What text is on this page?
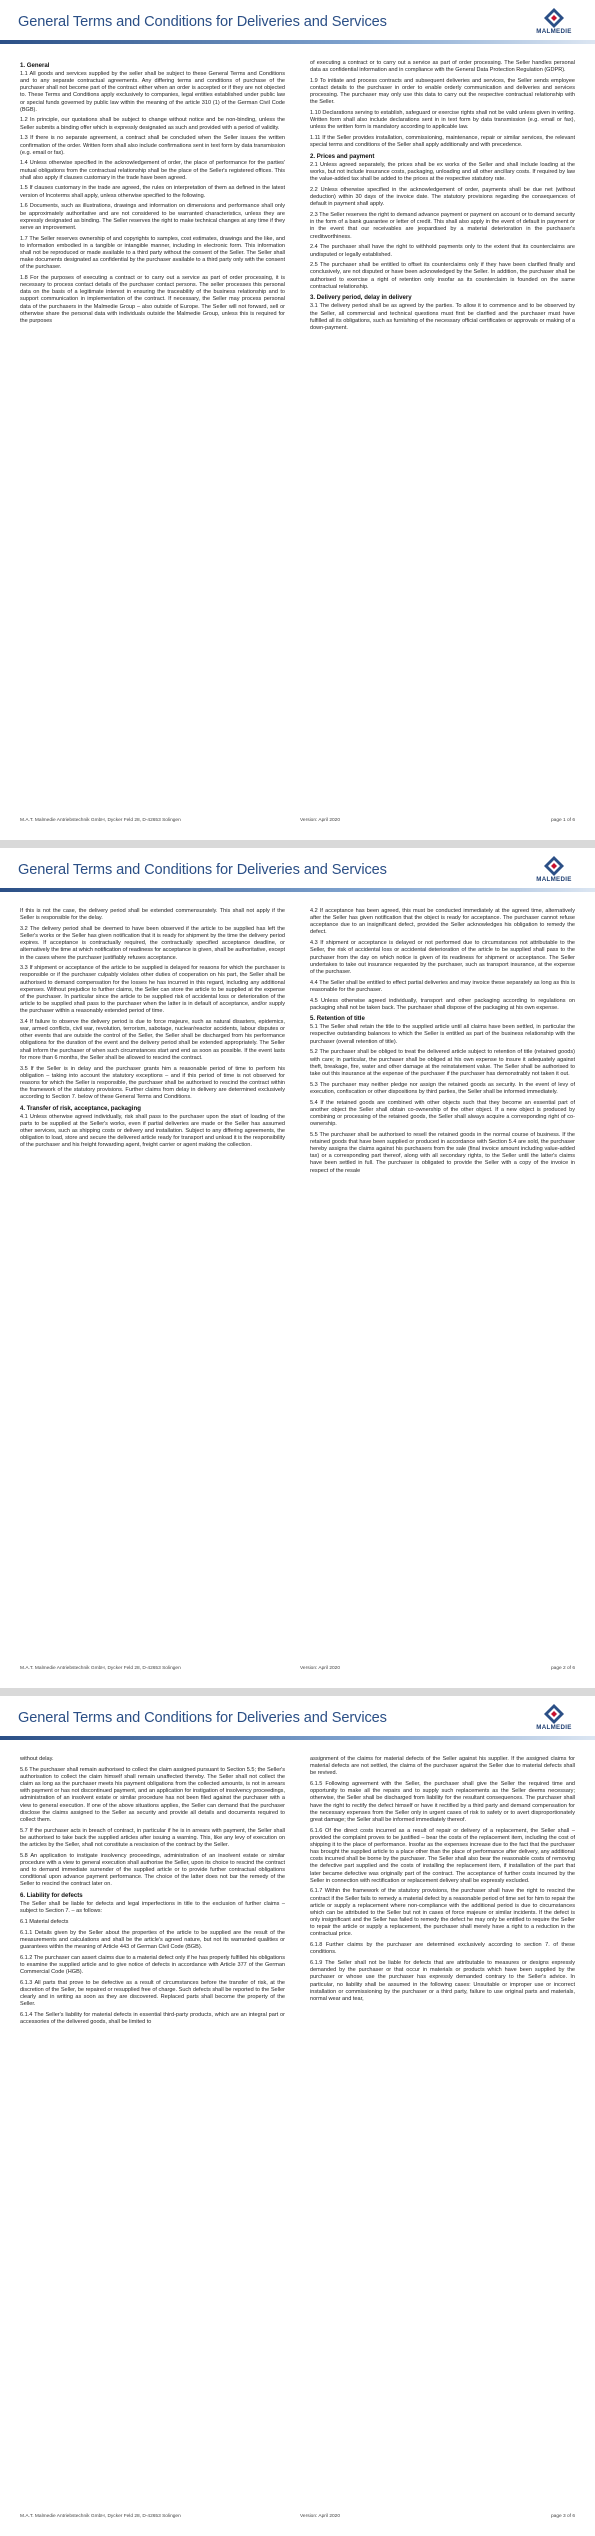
General Terms and Conditions for Deliveries and Services
MALMEDIE
1. General

1.1 All goods and services supplied by the seller shall be subject to these General Terms and Conditions and to any separate contractual agreements. Any differing terms and conditions of purchase of the purchaser shall not become part of the contract either when an order is accepted or if they are not objected to. These Terms and Conditions apply exclusively to companies, legal entities established under public law or special funds governed by public law within the meaning of the article 310 (1) of the German Civil Code (BGB).

1.2 In principle, our quotations shall be subject to change without notice and be non-binding, unless the Seller submits a binding offer which is expressly designated as such and provided with a period of validity.

1.3 If there is no separate agreement, a contract shall be concluded when the Seller issues the written confirmation of the order. Written form shall also include confirmations sent in text form by data transmission (e.g. email or fax).

1.4 Unless otherwise specified in the acknowledgement of order, the place of performance for the parties' mutual obligations from the contractual relationship shall be the place of the Seller's registered offices. This shall also apply if clauses customary in the trade have been agreed.

1.5 If clauses customary in the trade are agreed, the rules on interpretation of them as defined in the latest version of Incoterms shall apply, unless otherwise specified to the following.

1.6 Documents, such as illustrations, drawings and information on dimensions and performance shall only be approximately authoritative and are not considered to be warranted characteristics, unless they are expressly designated as binding. The Seller reserves the right to make technical changes at any time if they serve an improvement.

1.7 The Seller reserves ownership of and copyrights to samples, cost estimates, drawings and the like, and to information embodied in a tangible or intangible manner, including in electronic form. This information shall not be reproduced or made available to a third party without the consent of the Seller. The Seller shall make documents designated as confidential by the purchaser available to a third party only with the consent of the purchaser.

1.8 For the purposes of executing a contract or to carry out a service as part of order processing, it is necessary to process contact details of the purchaser contact persons. The seller processes this personal data on the basis of a legitimate interest in ensuring the traceability of the business relationship and to support communication in implementation of the contract. If necessary, the Seller may process personal data of the purchasers in the Malmedie Group – also outside of Europe. The Seller will not forward, sell or otherwise share the personal data with individuals outside the Malmedie Group, unless this is required for the purposes

of executing a contract or to carry out a service as part of order processing. The Seller handles personal data as confidential information and in compliance with the General Data Protection Regulation (GDPR).

1.9 To initiate and process contracts and subsequent deliveries and services, the Seller sends employee contact details to the purchaser in order to enable orderly communication and deliveries and services processing. The purchaser may only use this data to carry out the respective contractual relationship with the Seller.

1.10 Declarations serving to establish, safeguard or exercise rights shall not be valid unless given in writing. Written form shall also include declarations sent in in text form by data transmission (e.g. email or fax), unless the written form is mandatory according to applicable law.

1.11 If the Seller provides installation, commissioning, maintenance, repair or similar services, the relevant special terms and conditions of the Seller shall apply additionally and with precedence.

2. Prices and payment

2.1 Unless agreed separately, the prices shall be ex works of the Seller and shall include loading at the works, but not include insurance costs, packaging, unloading and all other ancillary costs. If required by law the value-added tax shall be added to the prices at the respective statutory rate.

2.2 Unless otherwise specified in the acknowledgement of order, payments shall be due net (without deduction) within 30 days of the invoice date. The statutory provisions regarding the consequences of default in payment shall apply.

2.3 The Seller reserves the right to demand advance payment or payment on account or to demand security in the form of a bank guarantee or letter of credit. This shall also apply in the event of default in payment or in the event that our receivables are jeopardised by a material deterioration in the purchaser's creditworthiness.

2.4 The purchaser shall have the right to withhold payments only to the extent that its counterclaims are undisputed or legally established.

2.5 The purchaser shall be entitled to offset its counterclaims only if they have been clarified finally and conclusively, are not disputed or have been acknowledged by the Seller. In addition, the purchaser shall be authorised to exercise a right of retention only insofar as its counterclaim is founded on the same contractual relationship.

3. Delivery period, delay in delivery

3.1 The delivery period shall be as agreed by the parties. To allow it to commence and to be observed by the Seller, all commercial and technical questions must first be clarified and the purchaser must have fulfilled all its obligations, such as furnishing of the necessary official certificates or approvals or making of a down-payment.

M.A.T. Malmedie Antriebstechnik GmbH, Dycker Feld 28, D-42653 Solingen	Version: April 2020	page 1 of 6
General Terms and Conditions for Deliveries and Services
MALMEDIE

If this is not the case, the delivery period shall be extended commensurately. This shall not apply if the Seller is responsible for the delay.

3.2 The delivery period shall be deemed to have been observed if the article to be supplied has left the Seller's works or the Seller has given notification that it is ready for shipment by the time the delivery period expires. If acceptance is contractually required, the contractually specified acceptance deadline, or alternatively the time at which notification of readiness for acceptance is given, shall be authoritative, except in the cases where the purchaser justifiably refuses acceptance.

3.3 If shipment or acceptance of the article to be supplied is delayed for reasons for which the purchaser is responsible or if the purchaser culpably violates other duties of cooperation on his part, the Seller shall be authorised to demand compensation for the losses he has incurred in this regard, including any additional expenses. Without prejudice to further claims, the Seller can store the article to be supplied at the expense of the purchaser. In particular since the article to be supplied risk of accidental loss or deterioration of the article to be supplied shall pass to the purchaser when the latter is in default of acceptance, and/or supply the purchaser within a reasonably extended period of time.

3.4 If failure to observe the delivery period is due to force majeure, such as natural disasters, epidemics, war, armed conflicts, civil war, revolution, terrorism, sabotage, nuclear/reactor accidents, labour disputes or other events that are outside the control of the Seller, the Seller shall be discharged from his performance obligations for the duration of the event and the delivery period shall be extended appropriately. The Seller shall inform the purchaser of when such circumstances start and end as soon as possible. If the event lasts for more than 6 months, the Seller shall be allowed to rescind the contract.

3.5 If the Seller is in delay and the purchaser grants him a reasonable period of time to perform his obligation – taking into account the statutory exceptions – and if this period of time is not observed for reasons for which the Seller is responsible, the purchaser shall be authorised to rescind the contract within the framework of the statutory provisions. Further claims from delay in delivery are determined exclusively according to Section 7. below of these General Terms and Conditions.

4. Transfer of risk, acceptance, packaging

4.1 Unless otherwise agreed individually, risk shall pass to the purchaser upon the start of loading of the parts to be supplied at the Seller's works, even if partial deliveries are made or the Seller has assumed other services, such as shipping costs or delivery and installation. Subject to any differing agreements, the obligation to load, store and secure the delivered article ready for transport and unload it is the responsibility of the purchaser and his freight forwarding agent, freight carrier or agent making the collection.

4.2 If acceptance has been agreed, this must be conducted immediately at the agreed time, alternatively after the Seller has given notification that the object is ready for acceptance. The purchaser cannot refuse acceptance due to an insignificant defect, provided the Seller acknowledges his obligation to remedy the defect.

4.3 If shipment or acceptance is delayed or not performed due to circumstances not attributable to the Seller, the risk of accidental loss or accidental deterioration of the article to be supplied shall pass to the purchaser from the day on which notice is given of its readiness for shipment or acceptance. The Seller undertakes to take out insurance requested by the purchaser, such as transport insurance, at the expense of the purchaser.

4.4 The Seller shall be entitled to effect partial deliveries and may invoice these separately as long as this is reasonable for the purchaser.

4.5 Unless otherwise agreed individually, transport and other packaging according to regulations on packaging shall not be taken back. The purchaser shall dispose of the packaging at his own expense.

5. Retention of title

5.1 The Seller shall retain the title to the supplied article until all claims have been settled, in particular the respective outstanding balances to which the Seller is entitled as part of the business relationship with the purchaser (overall retention of title).

5.2 The purchaser shall be obliged to treat the delivered article subject to retention of title (retained goods) with care; in particular, the purchaser shall be obliged at his own expense to insure it adequately against theft, breakage, fire, water and other damage at the reinstatement value. The Seller shall be authorised to take out this insurance at the expense of the purchaser if the purchaser has demonstrably not taken it out.

5.3 The purchaser may neither pledge nor assign the retained goods as security. In the event of levy of execution, confiscation or other dispositions by third parties, the Seller shall be informed immediately.

5.4 If the retained goods are combined with other objects such that they become an essential part of another object the Seller shall obtain co-ownership of the other object. If a new object is produced by combining or processing of the retained goods, the Seller shall always acquire a corresponding right of co-ownership.

5.5 The purchaser shall be authorised to resell the retained goods in the normal course of business. If the retained goods that have been supplied or produced in accordance with Section 5.4 are sold, the purchaser hereby assigns the claims against his purchasers from the sale (final invoice amount including value-added tax) or a corresponding part thereof, along with all secondary rights, to the Seller until the latter's claims have been settled in full. The purchaser is obligated to provide the Seller with a copy of the invoice in respect of the resale

M.A.T. Malmedie Antriebstechnik GmbH, Dycker Feld 28, D-42653 Solingen	Version: April 2020	page 2 of 6
General Terms and Conditions for Deliveries and Services
MALMEDIE

without delay.

5.6 The purchaser shall remain authorised to collect the claim assigned pursuant to Section 5.5; the Seller's authorisation to collect the claim himself shall remain unaffected thereby. The Seller shall not collect the claim as long as the purchaser meets his payment obligations from the collected amounts, is not in arrears with payment or has not discontinued payment, and an application for instigation of insolvency proceedings, administration of an insolvent estate or similar procedure has not been filed against the purchaser with a view to general execution. If one of the above situations applies, the Seller can demand that the purchaser disclose the claims assigned to the Seller as security and provide all details and documents required to collect them.

5.7 If the purchaser acts in breach of contract, in particular if he is in arrears with payment, the Seller shall be authorised to take back the supplied articles after issuing a warning. This, like any levy of execution on the articles by the Seller, shall not constitute a rescission of the contract by the Seller.

5.8 An application to instigate insolvency proceedings, administration of an insolvent estate or similar procedure with a view to general execution shall authorise the Seller, upon its choice to rescind the contract and to demand immediate surrender of the supplied article or to provide further contractual obligations conditional upon advance payment performance. The choice of the latter does not bar the remedy of the Seller to rescind the contract later on.

6. Liability for defects

The Seller shall be liable for defects and legal imperfections in title to the exclusion of further claims – subject to Section 7. – as follows:

6.1 Material defects

6.1.1 Details given by the Seller about the properties of the article to be supplied are the result of the measurements and calculations and shall be the article's agreed nature, but not its warranted qualities or guarantees within the meaning of Article 443 of German Civil Code (BGB).

6.1.2 The purchaser can assert claims due to a material defect only if he has properly fulfilled his obligations to examine the supplied article and to give notice of defects in accordance with Article 377 of the German Commercial Code (HGB).

6.1.3 All parts that prove to be defective as a result of circumstances before the transfer of risk, at the discretion of the Seller, be repaired or resupplied free of charge. Such defects shall be reported to the Seller clearly and in writing as soon as they are discovered. Replaced parts shall become the property of the Seller.

6.1.4 The Seller's liability for material defects in essential third-party products, which are an integral part or accessories of the delivered goods, shall be limited to

assignment of the claims for material defects of the Seller against his supplier. If the assigned claims for material defects are not settled, the claims of the purchaser against the Seller due to material defects shall be revived.

6.1.5 Following agreement with the Seller, the purchaser shall give the Seller the required time and opportunity to make all the repairs and to supply such replacements as the Seller deems necessary; otherwise, the Seller shall be discharged from liability for the resultant consequences. The purchaser shall have the right to rectify the defect himself or have it rectified by a third party and demand compensation for the necessary expenses from the Seller only in urgent cases of risk to safety or to avert disproportionately great damage; the Seller shall be informed immediately thereof.

6.1.6 Of the direct costs incurred as a result of repair or delivery of a replacement, the Seller shall – provided the complaint proves to be justified – bear the costs of the replacement item, including the cost of shipping it to the place of performance. Insofar as the expenses increase due to the fact that the purchaser has brought the supplied article to a place other than the place of performance after delivery, any additional costs incurred shall be borne by the purchaser. The Seller shall also bear the reasonable costs of removing the defective part supplied and the costs of installing the replacement item, if installation of the part that later became defective was originally part of the contract. The acceptance of further costs incurred by the Seller in connection with rectification or replacement delivery shall be expressly excluded.

6.1.7 Within the framework of the statutory provisions, the purchaser shall have the right to rescind the contract if the Seller fails to remedy a material defect by a reasonable period of time set for him to repair the article or supply a replacement where non-compliance with the additional period is due to circumstances which can be attributed to the Seller but not in cases of force majeure or similar incidents. If the defect is only insignificant and the Seller has failed to remedy the defect he may only be entitled to require the Seller to repair the article or supply a replacement, the purchaser shall merely have a right to a reduction in the contractual price.

6.1.8 Further claims by the purchaser are determined exclusively according to section 7. of these conditions.

6.1.9 The Seller shall not be liable for defects that are attributable to measures or designs expressly demanded by the purchaser or that occur in materials or products which have been supplied by the purchaser or whose use the purchaser has expressly demanded contrary to the Seller's advice. In particular, no liability shall be assumed in the following cases: Unsuitable or improper use or incorrect installation or commissioning by the purchaser or a third party, failure to use original parts and materials, normal wear and tear,

M.A.T. Malmedie Antriebstechnik GmbH, Dycker Feld 28, D-42653 Solingen	Version: April 2020	page 3 of 6
